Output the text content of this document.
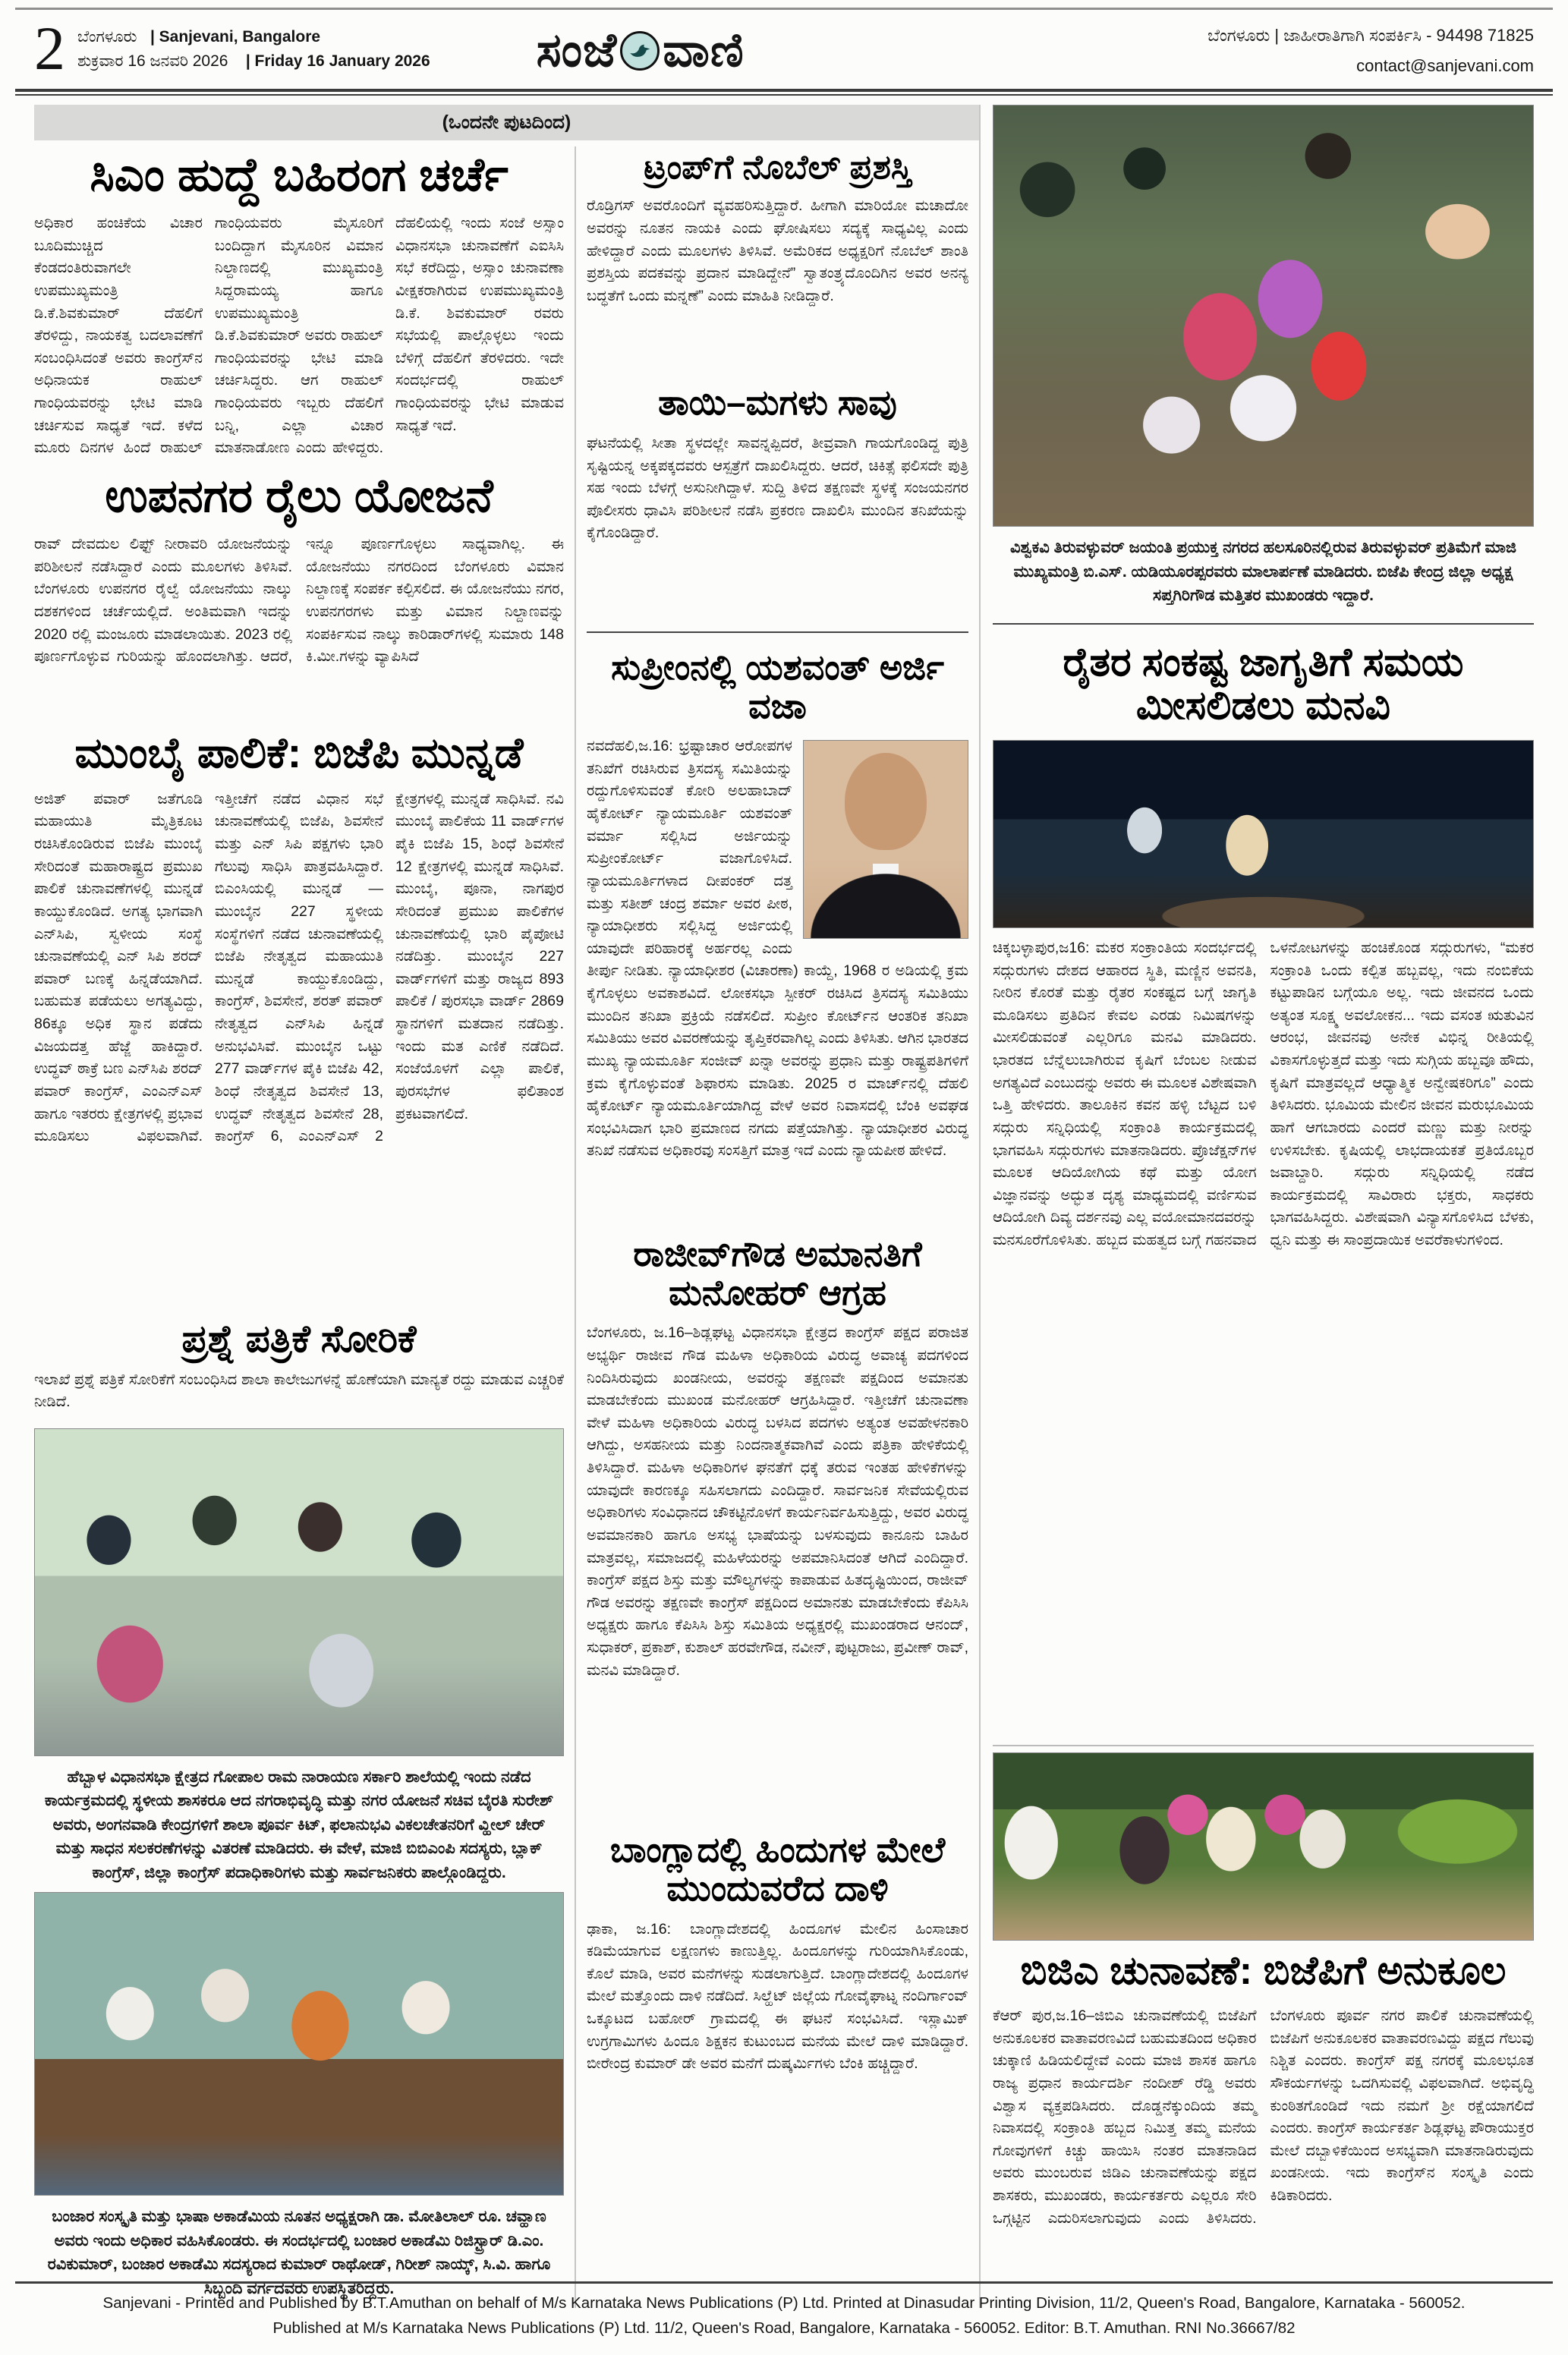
2 ಬೆಂಗಳೂರು | Sanjevani, Bangalore
ಶುಕ್ರವಾರ 16 ಜನವರಿ 2026 | Friday 16 January 2026 ಸಂಜೆ ವಾಣಿ	ಬೆಂಗಳೂರು | ಜಾಹೀರಾತಿಗಾಗಿ ಸಂಪರ್ಕಿಸಿ - 94498 71825
contact@sanjevani.com
(ಒಂದನೇ ಪುಟದಿಂದ)
ಸಿಎಂ ಹುದ್ದೆ ಬಹಿರಂಗ ಚರ್ಚೆ
ಅಧಿಕಾರ ಹಂಚಿಕೆಯ ವಿಚಾರ ಬೂದಿಮುಚ್ಚಿದ ಕೆಂಡದಂತಿರುವಾಗಲೇ ಉಪಮುಖ್ಯಮಂತ್ರಿ ಡಿ.ಕೆ.ಶಿವಕುಮಾರ್ ದೆಹಲಿಗೆ ತೆರಳಿದ್ದು, ನಾಯಕತ್ವ ಬದಲಾವಣೆಗೆ ಸಂಬಂಧಿಸಿದಂತೆ ಅವರು ಕಾಂಗ್ರೆಸ್‌ನ ಅಧಿನಾಯಕ ರಾಹುಲ್ ಗಾಂಧಿಯವರನ್ನು ಭೇಟಿ ಮಾಡಿ ಚರ್ಚಿಸುವ ಸಾಧ್ಯತೆ ಇದೆ. ಕಳೆದ ಮೂರು ದಿನಗಳ ಹಿಂದೆ ರಾಹುಲ್ ಗಾಂಧಿಯವರು ಮೈಸೂರಿಗೆ ಬಂದಿದ್ದಾಗ ಮೈಸೂರಿನ ವಿಮಾನ ನಿಲ್ದಾಣದಲ್ಲಿ ಮುಖ್ಯಮಂತ್ರಿ ಸಿದ್ದರಾಮಯ್ಯ ಹಾಗೂ ಉಪಮುಖ್ಯಮಂತ್ರಿ ಡಿ.ಕೆ.ಶಿವಕುಮಾರ್ ಅವರು ರಾಹುಲ್ ಗಾಂಧಿಯವರನ್ನು ಭೇಟಿ ಮಾಡಿ ಚರ್ಚಿಸಿದ್ದರು. ಆಗ ರಾಹುಲ್ ಗಾಂಧಿಯವರು ಇಬ್ಬರು ದೆಹಲಿಗೆ ಬನ್ನಿ, ಎಲ್ಲಾ ವಿಚಾರ ಮಾತನಾಡೋಣ ಎಂದು ಹೇಳಿದ್ದರು. ದೆಹಲಿಯಲ್ಲಿ ಇಂದು ಸಂಜೆ ಅಸ್ಸಾಂ ವಿಧಾನಸಭಾ ಚುನಾವಣೆಗೆ ಎಐಸಿಸಿ ಸಭೆ ಕರೆದಿದ್ದು, ಅಸ್ಸಾಂ ಚುನಾವಣಾ ವೀಕ್ಷಕರಾಗಿರುವ ಉಪಮುಖ್ಯಮಂತ್ರಿ ಡಿ.ಕೆ. ಶಿವಕುಮಾರ್ ರವರು ಸಭೆಯಲ್ಲಿ ಪಾಲ್ಗೊಳ್ಳಲು ಇಂದು ಬೆಳಿಗ್ಗೆ ದೆಹಲಿಗೆ ತೆರಳಿದರು. ಇದೇ ಸಂದರ್ಭದಲ್ಲಿ ರಾಹುಲ್ ಗಾಂಧಿಯವರನ್ನು ಭೇಟಿ ಮಾಡುವ ಸಾಧ್ಯತೆ ಇದೆ.
ಉಪನಗರ ರೈಲು ಯೋಜನೆ
ರಾವ್ ದೇವದುಲ ಲಿಫ್ಟ್ ನೀರಾವರಿ ಯೋಜನೆಯನ್ನು ಪರಿಶೀಲನೆ ನಡೆಸಿದ್ದಾರೆ ಎಂದು ಮೂಲಗಳು ತಿಳಿಸಿವೆ. ಬೆಂಗಳೂರು ಉಪನಗರ ರೈಲ್ವೆ ಯೋಜನೆಯು ನಾಲ್ಕು ದಶಕಗಳಿಂದ ಚರ್ಚೆಯಲ್ಲಿದೆ. ಅಂತಿಮವಾಗಿ ಇದನ್ನು 2020 ರಲ್ಲಿ ಮಂಜೂರು ಮಾಡಲಾಯಿತು. 2023 ರಲ್ಲಿ ಪೂರ್ಣಗೊಳ್ಳುವ ಗುರಿಯನ್ನು ಹೊಂದಲಾಗಿತ್ತು. ಆದರೆ, ಇನ್ನೂ ಪೂರ್ಣಗೊಳ್ಳಲು ಸಾಧ್ಯವಾಗಿಲ್ಲ. ಈ ಯೋಜನೆಯು ನಗರದಿಂದ ಬೆಂಗಳೂರು ವಿಮಾನ ನಿಲ್ದಾಣಕ್ಕೆ ಸಂಪರ್ಕ ಕಲ್ಪಿಸಲಿದೆ. ಈ ಯೋಜನೆಯು ನಗರ, ಉಪನಗರಗಳು ಮತ್ತು ವಿಮಾನ ನಿಲ್ದಾಣವನ್ನು ಸಂಪರ್ಕಿಸುವ ನಾಲ್ಕು ಕಾರಿಡಾರ್‌ಗಳಲ್ಲಿ ಸುಮಾರು 148 ಕಿ.ಮೀ.ಗಳನ್ನು ವ್ಯಾಪಿಸಿದೆ
ಮುಂಬೈ ಪಾಲಿಕೆ: ಬಿಜೆಪಿ ಮುನ್ನಡೆ
ಅಜಿತ್ ಪವಾರ್ ಜತೆಗೂಡಿ ಮಹಾಯುತಿ ಮೈತ್ರಿಕೂಟ ರಚಿಸಿಕೊಂಡಿರುವ ಬಿಜೆಪಿ ಮುಂಬೈ ಸೇರಿದಂತೆ ಮಹಾರಾಷ್ಟ್ರದ ಪ್ರಮುಖ ಪಾಲಿಕೆ ಚುನಾವಣೆಗಳಲ್ಲಿ ಮುನ್ನಡೆ ಕಾಯ್ದುಕೊಂಡಿದೆ. ಅಗತ್ಯ ಭಾಗವಾಗಿ ಎನ್‌ಸಿಪಿ, ಸ್ವಳೀಯ ಸಂಸ್ಥೆ ಚುನಾವಣೆಯಲ್ಲಿ ಎನ್ ಸಿಪಿ ಶರದ್ ಪವಾರ್ ಬಣಕ್ಕೆ ಹಿನ್ನಡೆಯಾಗಿದೆ. ಬಹುಮತ ಪಡೆಯಲು ಅಗತ್ಯವಿದ್ದು, 86ಕ್ಕೂ ಅಧಿಕ ಸ್ಥಾನ ಪಡೆದು ವಿಜಯದತ್ತ ಹೆಜ್ಜೆ ಹಾಕಿದ್ದಾರೆ. ಉದ್ಧವ್ ಠಾಕ್ರೆ ಬಣ ಎನ್‌ಸಿಪಿ ಶರದ್ ಪವಾರ್ ಕಾಂಗ್ರೆಸ್, ಎಂಎನ್‌ಎಸ್ ಹಾಗೂ ಇತರರು ಕ್ಷೇತ್ರಗಳಲ್ಲಿ ಪ್ರಭಾವ ಮೂಡಿಸಲು ವಿಫಲವಾಗಿವೆ. ಇತ್ತೀಚೆಗೆ ನಡೆದ ವಿಧಾನ ಸಭೆ ಚುನಾವಣೆಯಲ್ಲಿ ಬಿಜೆಪಿ, ಶಿವಸೇನೆ ಮತ್ತು ಎನ್ ಸಿಪಿ ಪಕ್ಷಗಳು ಭಾರಿ ಗೆಲುವು ಸಾಧಿಸಿ ಪಾತ್ರವಹಿಸಿದ್ದಾರೆ. ಬಿಎಂಸಿಯಲ್ಲಿ ಮುನ್ನಡೆ — ಮುಂಬೈನ 227 ಸ್ಥಳೀಯ ಸಂಸ್ಥೆಗಳಿಗೆ ನಡೆದ ಚುನಾವಣೆಯಲ್ಲಿ ಬಿಜೆಪಿ ನೇತೃತ್ವದ ಮಹಾಯುತಿ ಮುನ್ನಡೆ ಕಾಯ್ದುಕೊಂಡಿದ್ದು, ಕಾಂಗ್ರೆಸ್, ಶಿವಸೇನೆ, ಶರತ್ ಪವಾರ್ ನೇತೃತ್ವದ ಎನ್‌ಸಿಪಿ ಹಿನ್ನಡೆ ಅನುಭವಿಸಿವೆ. ಮುಂಬೈನ ಒಟ್ಟು 277 ವಾರ್ಡ್‌ಗಳ ಪೈಕಿ ಬಿಜೆಪಿ 42, ಶಿಂಧೆ ನೇತೃತ್ವದ ಶಿವಸೇನೆ 13, ಉದ್ಧವ್ ನೇತೃತ್ವದ ಶಿವಸೇನೆ 28, ಕಾಂಗ್ರೆಸ್ 6, ಎಂಎನ್‌ಎಸ್ 2 ಕ್ಷೇತ್ರಗಳಲ್ಲಿ ಮುನ್ನಡೆ ಸಾಧಿಸಿವೆ. ನವಿ ಮುಂಬೈ ಪಾಲಿಕೆಯ 11 ವಾರ್ಡ್‌ಗಳ ಪೈಕಿ ಬಿಜೆಪಿ 15, ಶಿಂಧೆ ಶಿವಸೇನೆ 12 ಕ್ಷೇತ್ರಗಳಲ್ಲಿ ಮುನ್ನಡೆ ಸಾಧಿಸಿವೆ. ಮುಂಬೈ, ಪೂನಾ, ನಾಗಪುರ ಸೇರಿದಂತೆ ಪ್ರಮುಖ ಪಾಲಿಕೆಗಳ ಚುನಾವಣೆಯಲ್ಲಿ ಭಾರಿ ಪೈಪೋಟಿ ನಡೆದಿತ್ತು. ಮುಂಬೈನ 227 ವಾರ್ಡ್‌ಗಳಿಗೆ ಮತ್ತು ರಾಜ್ಯದ 893 ಪಾಲಿಕೆ / ಪುರಸಭಾ ವಾರ್ಡ್ 2869 ಸ್ಥಾನಗಳಿಗೆ ಮತದಾನ ನಡೆದಿತ್ತು. ಇಂದು ಮತ ಎಣಿಕೆ ನಡೆದಿದೆ. ಸಂಜೆಯೊಳಗೆ ಎಲ್ಲಾ ಪಾಲಿಕೆ, ಪುರಸಭೆಗಳ ಫಲಿತಾಂಶ ಪ್ರಕಟವಾಗಲಿದೆ.
ಪ್ರಶ್ನೆ ಪತ್ರಿಕೆ ಸೋರಿಕೆ
ಇಲಾಖೆ ಪ್ರಶ್ನೆ ಪತ್ರಿಕೆ ಸೋರಿಕೆಗೆ ಸಂಬಂಧಿಸಿದ ಶಾಲಾ ಕಾಲೇಜುಗಳನ್ನೆ ಹೊಣೆಯಾಗಿ ಮಾನ್ಯತೆ ರದ್ದು ಮಾಡುವ ಎಚ್ಚರಿಕೆ ನೀಡಿದೆ.
ಹೆಬ್ಬಾಳ ವಿಧಾನಸಭಾ ಕ್ಷೇತ್ರದ ಗೋಪಾಲ ರಾಮ ನಾರಾಯಣ ಸರ್ಕಾರಿ ಶಾಲೆಯಲ್ಲಿ ಇಂದು ನಡೆದ ಕಾರ್ಯಕ್ರಮದಲ್ಲಿ ಸ್ಥಳೀಯ ಶಾಸಕರೂ ಆದ ನಗರಾಭಿವೃದ್ಧಿ ಮತ್ತು ನಗರ ಯೋಜನೆ ಸಚಿವ ಬೈರತಿ ಸುರೇಶ್ ಅವರು, ಅಂಗನವಾಡಿ ಕೇಂದ್ರಗಳಿಗೆ ಶಾಲಾ ಪೂರ್ವ ಕಿಟ್, ಫಲಾನುಭವಿ ವಿಕಲಚೇತನರಿಗೆ ವ್ಹೀಲ್ ಚೇರ್ ಮತ್ತು ಸಾಧನ ಸಲಕರಣೆಗಳನ್ನು ವಿತರಣೆ ಮಾಡಿದರು. ಈ ವೇಳೆ, ಮಾಜಿ ಬಿಬಿಎಂಪಿ ಸದಸ್ಯರು, ಬ್ಲಾಕ್ ಕಾಂಗ್ರೆಸ್, ಜಿಲ್ಲಾ ಕಾಂಗ್ರೆಸ್ ಪದಾಧಿಕಾರಿಗಳು ಮತ್ತು ಸಾರ್ವಜನಿಕರು ಪಾಲ್ಗೊಂಡಿದ್ದರು.
ಬಂಜಾರ ಸಂಸ್ಕೃತಿ ಮತ್ತು ಭಾಷಾ ಅಕಾಡೆಮಿಯ ನೂತನ ಅಧ್ಯಕ್ಷರಾಗಿ ಡಾ. ಮೋತಿಲಾಲ್ ರೂ. ಚವ್ಹಾಣ ಅವರು ಇಂದು ಅಧಿಕಾರ ವಹಿಸಿಕೊಂಡರು. ಈ ಸಂದರ್ಭದಲ್ಲಿ ಬಂಜಾರ ಅಕಾಡೆಮಿ ರಿಜಿಸ್ಟ್ರಾರ್ ಡಿ.ಎಂ. ರವಿಕುಮಾರ್, ಬಂಜಾರ ಅಕಾಡೆಮಿ ಸದಸ್ಯರಾದ ಕುಮಾರ್ ರಾಥೋಡ್, ಗಿರೀಶ್ ನಾಯ್ಕ್, ಸಿ.ವಿ. ಹಾಗೂ ಸಿಬ್ಬಂದಿ ವರ್ಗದವರು ಉಪಸ್ಥಿತರಿದ್ದರು.
ಟ್ರಂಪ್‌ಗೆ ನೊಬೆಲ್ ಪ್ರಶಸ್ತಿ
ರೊಡ್ರಿಗಸ್ ಅವರೊಂದಿಗೆ ವ್ಯವಹರಿಸುತ್ತಿದ್ದಾರೆ. ಹೀಗಾಗಿ ಮಾರಿಯೋ ಮಚಾದೋ ಅವರನ್ನು ನೂತನ ನಾಯಕಿ ಎಂದು ಘೋಷಿಸಲು ಸದ್ಯಕ್ಕೆ ಸಾಧ್ಯವಿಲ್ಲ ಎಂದು ಹೇಳಿದ್ದಾರೆ ಎಂದು ಮೂಲಗಳು ತಿಳಿಸಿವೆ. ಅಮೆರಿಕದ ಅಧ್ಯಕ್ಷರಿಗೆ ನೊಬೆಲ್ ಶಾಂತಿ ಪ್ರಶಸ್ತಿಯ ಪದಕವನ್ನು ಪ್ರದಾನ ಮಾಡಿದ್ದೇನೆ” ಸ್ವಾತಂತ್ರ್ಯದೊಂದಿಗಿನ ಅವರ ಅನನ್ಯ ಬದ್ಧತೆಗೆ ಒಂದು ಮನ್ನಣೆ” ಎಂದು ಮಾಹಿತಿ ನೀಡಿದ್ದಾರೆ.
ತಾಯಿ–ಮಗಳು ಸಾವು
ಘಟನೆಯಲ್ಲಿ ಸೀತಾ ಸ್ಥಳದಲ್ಲೇ ಸಾವನ್ನಪ್ಪಿದರೆ, ತೀವ್ರವಾಗಿ ಗಾಯಗೊಂಡಿದ್ದ ಪುತ್ರಿ ಸೃಷ್ಟಿಯನ್ನ ಅಕ್ಕಪಕ್ಕದವರು ಆಸ್ಪತ್ರೆಗೆ ದಾಖಲಿಸಿದ್ದರು. ಆದರೆ, ಚಿಕಿತ್ಸೆ ಫಲಿಸದೇ ಪುತ್ರಿ ಸಹ ಇಂದು ಬೆಳಗ್ಗೆ ಅಸುನೀಗಿದ್ದಾಳೆ. ಸುದ್ದಿ ತಿಳಿದ ತಕ್ಷಣವೇ ಸ್ಥಳಕ್ಕೆ ಸಂಜಯನಗರ ಪೊಲೀಸರು ಧಾವಿಸಿ ಪರಿಶೀಲನೆ ನಡೆಸಿ ಪ್ರಕರಣ ದಾಖಲಿಸಿ ಮುಂದಿನ ತನಿಖೆಯನ್ನು ಕೈಗೊಂಡಿದ್ದಾರೆ.
ಸುಪ್ರೀಂನಲ್ಲಿ ಯಶವಂತ್ ಅರ್ಜಿ ವಜಾ
ನವದೆಹಲಿ,ಜ.16: ಭ್ರಷ್ಟಾಚಾರ ಆರೋಪಗಳ ತನಿಖೆಗೆ ರಚಿಸಿರುವ ತ್ರಿಸದಸ್ಯ ಸಮಿತಿಯನ್ನು ರದ್ದುಗೊಳಿಸುವಂತೆ ಕೋರಿ ಅಲಹಾಬಾದ್ ಹೈಕೋರ್ಟ್ ನ್ಯಾಯಮೂರ್ತಿ ಯಶವಂತ್ ವರ್ಮಾ ಸಲ್ಲಿಸಿದ ಅರ್ಜಿಯನ್ನು ಸುಪ್ರೀಂಕೋರ್ಟ್ ವಜಾಗೊಳಿಸಿದೆ. ನ್ಯಾಯಮೂರ್ತಿಗಳಾದ ದೀಪಂಕರ್ ದತ್ತ ಮತ್ತು ಸತೀಶ್ ಚಂದ್ರ ಶರ್ಮಾ ಅವರ ಪೀಠ, ನ್ಯಾಯಾಧೀಶರು ಸಲ್ಲಿಸಿದ್ದ ಅರ್ಜಿಯಲ್ಲಿ ಯಾವುದೇ ಪರಿಹಾರಕ್ಕೆ ಅರ್ಹರಲ್ಲ ಎಂದು ತೀರ್ಪು ನೀಡಿತು. ನ್ಯಾಯಾಧೀಶರ (ವಿಚಾರಣಾ) ಕಾಯ್ದೆ, 1968 ರ ಅಡಿಯಲ್ಲಿ ಕ್ರಮ ಕೈಗೊಳ್ಳಲು ಅವಕಾಶವಿದೆ. ಲೋಕಸಭಾ ಸ್ಪೀಕರ್ ರಚಿಸಿದ ತ್ರಿಸದಸ್ಯ ಸಮಿತಿಯು ಮುಂದಿನ ತನಿಖಾ ಪ್ರಕ್ರಿಯೆ ನಡೆಸಲಿದೆ. ಸುಪ್ರೀಂ ಕೋರ್ಟ್‌ನ ಆಂತರಿಕ ತನಿಖಾ ಸಮಿತಿಯು ಅವರ ವಿವರಣೆಯನ್ನು ತೃಪ್ತಿಕರವಾಗಿಲ್ಲ ಎಂದು ತಿಳಿಸಿತು. ಆಗಿನ ಭಾರತದ ಮುಖ್ಯ ನ್ಯಾಯಮೂರ್ತಿ ಸಂಜೀವ್ ಖನ್ನಾ ಅವರನ್ನು ಪ್ರಧಾನಿ ಮತ್ತು ರಾಷ್ಟ್ರಪತಿಗಳಿಗೆ ಕ್ರಮ ಕೈಗೊಳ್ಳುವಂತೆ ಶಿಫಾರಸು ಮಾಡಿತು. 2025 ರ ಮಾರ್ಚ್‌ನಲ್ಲಿ ದೆಹಲಿ ಹೈಕೋರ್ಟ್ ನ್ಯಾಯಮೂರ್ತಿಯಾಗಿದ್ದ ವೇಳೆ ಅವರ ನಿವಾಸದಲ್ಲಿ ಬೆಂಕಿ ಅವಘಡ ಸಂಭವಿಸಿದಾಗ ಭಾರಿ ಪ್ರಮಾಣದ ನಗದು ಪತ್ತೆಯಾಗಿತ್ತು. ನ್ಯಾಯಾಧೀಶರ ವಿರುದ್ಧ ತನಿಖೆ ನಡೆಸುವ ಅಧಿಕಾರವು ಸಂಸತ್ತಿಗೆ ಮಾತ್ರ ಇದೆ ಎಂದು ನ್ಯಾಯಪೀಠ ಹೇಳಿದೆ.
ರಾಜೀವ್‌ಗೌಡ ಅಮಾನತಿಗೆ ಮನೋಹರ್ ಆಗ್ರಹ
ಬೆಂಗಳೂರು, ಜ.16–ಶಿಡ್ಲಘಟ್ಟ ವಿಧಾನಸಭಾ ಕ್ಷೇತ್ರದ ಕಾಂಗ್ರೆಸ್ ಪಕ್ಷದ ಪರಾಜಿತ ಅಭ್ಯರ್ಥಿ ರಾಜೀವ ಗೌಡ ಮಹಿಳಾ ಅಧಿಕಾರಿಯ ವಿರುದ್ಧ ಅವಾಚ್ಯ ಪದಗಳಿಂದ ನಿಂದಿಸಿರುವುದು ಖಂಡನೀಯ, ಅವರನ್ನು ತಕ್ಷಣವೇ ಪಕ್ಷದಿಂದ ಅಮಾನತು ಮಾಡಬೇಕೆಂದು ಮುಖಂಡ ಮನೋಹರ್ ಆಗ್ರಹಿಸಿದ್ದಾರೆ. ಇತ್ತೀಚೆಗೆ ಚುನಾವಣಾ ವೇಳೆ ಮಹಿಳಾ ಅಧಿಕಾರಿಯ ವಿರುದ್ಧ ಬಳಸಿದ ಪದಗಳು ಅತ್ಯಂತ ಅವಹೇಳನಕಾರಿ ಆಗಿದ್ದು, ಅಸಹನೀಯ ಮತ್ತು ನಿಂದನಾತ್ಮಕವಾಗಿವೆ ಎಂದು ಪತ್ರಿಕಾ ಹೇಳಿಕೆಯಲ್ಲಿ ತಿಳಿಸಿದ್ದಾರೆ. ಮಹಿಳಾ ಅಧಿಕಾರಿಗಳ ಘನತೆಗೆ ಧಕ್ಕೆ ತರುವ ಇಂತಹ ಹೇಳಿಕೆಗಳನ್ನು ಯಾವುದೇ ಕಾರಣಕ್ಕೂ ಸಹಿಸಲಾಗದು ಎಂದಿದ್ದಾರೆ. ಸಾರ್ವಜನಿಕ ಸೇವೆಯಲ್ಲಿರುವ ಅಧಿಕಾರಿಗಳು ಸಂವಿಧಾನದ ಚೌಕಟ್ಟಿನೊಳಗೆ ಕಾರ್ಯನಿರ್ವಹಿಸುತ್ತಿದ್ದು, ಅವರ ವಿರುದ್ಧ ಅವಮಾನಕಾರಿ ಹಾಗೂ ಅಸಭ್ಯ ಭಾಷೆಯನ್ನು ಬಳಸುವುದು ಕಾನೂನು ಬಾಹಿರ ಮಾತ್ರವಲ್ಲ, ಸಮಾಜದಲ್ಲಿ ಮಹಿಳೆಯರನ್ನು ಅಪಮಾನಿಸಿದಂತೆ ಆಗಿದೆ ಎಂದಿದ್ದಾರೆ. ಕಾಂಗ್ರೆಸ್ ಪಕ್ಷದ ಶಿಸ್ತು ಮತ್ತು ಮೌಲ್ಯಗಳನ್ನು ಕಾಪಾಡುವ ಹಿತದೃಷ್ಟಿಯಿಂದ, ರಾಜೀವ್ ಗೌಡ ಅವರನ್ನು ತಕ್ಷಣವೇ ಕಾಂಗ್ರೆಸ್ ಪಕ್ಷದಿಂದ ಅಮಾನತು ಮಾಡಬೇಕೆಂದು ಕೆಪಿಸಿಸಿ ಅಧ್ಯಕ್ಷರು ಹಾಗೂ ಕೆಪಿಸಿಸಿ ಶಿಸ್ತು ಸಮಿತಿಯ ಅಧ್ಯಕ್ಷರಲ್ಲಿ ಮುಖಂಡರಾದ ಆನಂದ್, ಸುಧಾಕರ್, ಪ್ರಕಾಶ್, ಕುಶಾಲ್ ಹರವೇಗೌಡ, ನವೀನ್, ಪುಟ್ಟರಾಜು, ಪ್ರವೀಣ್ ರಾವ್, ಮನವಿ ಮಾಡಿದ್ದಾರೆ.
ಬಾಂಗ್ಲಾದಲ್ಲಿ ಹಿಂದುಗಳ ಮೇಲೆ ಮುಂದುವರೆದ ದಾಳಿ
ಢಾಕಾ, ಜ.16: ಬಾಂಗ್ಲಾದೇಶದಲ್ಲಿ ಹಿಂದೂಗಳ ಮೇಲಿನ ಹಿಂಸಾಚಾರ ಕಡಿಮೆಯಾಗುವ ಲಕ್ಷಣಗಳು ಕಾಣುತ್ತಿಲ್ಲ. ಹಿಂದೂಗಳನ್ನು ಗುರಿಯಾಗಿಸಿಕೊಂಡು, ಕೊಲೆ ಮಾಡಿ, ಅವರ ಮನೆಗಳನ್ನು ಸುಡಲಾಗುತ್ತಿದೆ. ಬಾಂಗ್ಲಾದೇಶದಲ್ಲಿ ಹಿಂದೂಗಳ ಮೇಲೆ ಮತ್ತೊಂದು ದಾಳಿ ನಡೆದಿದೆ. ಸಿಲ್ಹೆಟ್ ಜಿಲ್ಲೆಯ ಗೋವೈಘಾಟ್ನ ನಂದಿರ್ಗಾಂವ್ ಒಕ್ಕೂಟದ ಬಹೋರ್ ಗ್ರಾಮದಲ್ಲಿ ಈ ಘಟನೆ ಸಂಭವಿಸಿದೆ. ಇಸ್ಲಾಮಿಕ್ ಉಗ್ರಗಾಮಿಗಳು ಹಿಂದೂ ಶಿಕ್ಷಕನ ಕುಟುಂಬದ ಮನೆಯ ಮೇಲೆ ದಾಳಿ ಮಾಡಿದ್ದಾರೆ. ಬೀರೇಂದ್ರ ಕುಮಾರ್ ಡೇ ಅವರ ಮನೆಗೆ ದುಷ್ಕರ್ಮಿಗಳು ಬೆಂಕಿ ಹಚ್ಚಿದ್ದಾರೆ.
ವಿಶ್ವಕವಿ ತಿರುವಳ್ಳುವರ್ ಜಯಂತಿ ಪ್ರಯುಕ್ತ ನಗರದ ಹಲಸೂರಿನಲ್ಲಿರುವ ತಿರುವಳ್ಳುವರ್ ಪ್ರತಿಮೆಗೆ ಮಾಜಿ ಮುಖ್ಯಮಂತ್ರಿ ಬಿ.ಎಸ್. ಯಡಿಯೂರಪ್ಪರವರು ಮಾಲಾರ್ಪಣೆ ಮಾಡಿದರು. ಬಿಜೆಪಿ ಕೇಂದ್ರ ಜಿಲ್ಲಾ ಅಧ್ಯಕ್ಷ ಸಪ್ತಗಿರಿಗೌಡ ಮತ್ತಿತರ ಮುಖಂಡರು ಇದ್ದಾರೆ.
ರೈತರ ಸಂಕಷ್ಟ ಜಾಗೃತಿಗೆ ಸಮಯ ಮೀಸಲಿಡಲು ಮನವಿ
ಚಿಕ್ಕಬಳ್ಳಾಪುರ,ಜ16: ಮಕರ ಸಂಕ್ರಾಂತಿಯ ಸಂದರ್ಭದಲ್ಲಿ ಸದ್ಗುರುಗಳು ದೇಶದ ಆಹಾರದ ಸ್ಥಿತಿ, ಮಣ್ಣಿನ ಅವನತಿ, ನೀರಿನ ಕೊರತೆ ಮತ್ತು ರೈತರ ಸಂಕಷ್ಟದ ಬಗ್ಗೆ ಜಾಗೃತಿ ಮೂಡಿಸಲು ಪ್ರತಿದಿನ ಕೇವಲ ಎರಡು ನಿಮಿಷಗಳನ್ನು ಮೀಸಲಿಡುವಂತೆ ಎಲ್ಲರಿಗೂ ಮನವಿ ಮಾಡಿದರು. ಭಾರತದ ಬೆನ್ನೆಲುಬಾಗಿರುವ ಕೃಷಿಗೆ ಬೆಂಬಲ ನೀಡುವ ಅಗತ್ಯವಿದೆ ಎಂಬುದನ್ನು ಅವರು ಈ ಮೂಲಕ ವಿಶೇಷವಾಗಿ ಒತ್ತಿ ಹೇಳಿದರು. ತಾಲೂಕಿನ ಕವನ ಹಳ್ಳಿ ಬೆಟ್ಟದ ಬಳಿ ಸದ್ಗುರು ಸನ್ನಿಧಿಯಲ್ಲಿ ಸಂಕ್ರಾಂತಿ ಕಾರ್ಯಕ್ರಮದಲ್ಲಿ ಭಾಗವಹಿಸಿ ಸದ್ಗುರುಗಳು ಮಾತನಾಡಿದರು. ಪ್ರೊಜೆಕ್ಷನ್‌ಗಳ ಮೂಲಕ ಆದಿಯೋಗಿಯ ಕಥೆ ಮತ್ತು ಯೋಗ ವಿಜ್ಞಾನವನ್ನು ಅದ್ಭುತ ದೃಶ್ಯ ಮಾಧ್ಯಮದಲ್ಲಿ ವರ್ಣಿಸುವ ಆದಿಯೋಗಿ ದಿವ್ಯ ದರ್ಶನವು ಎಲ್ಲ ವಯೋಮಾನದವರನ್ನು ಮನಸೂರೆಗೊಳಿಸಿತು. ಹಬ್ಬದ ಮಹತ್ವದ ಬಗ್ಗೆ ಗಹನವಾದ ಒಳನೋಟಗಳನ್ನು ಹಂಚಿಕೊಂಡ ಸದ್ಗುರುಗಳು, “ಮಕರ ಸಂಕ್ರಾಂತಿ ಒಂದು ಕಲ್ಪಿತ ಹಬ್ಬವಲ್ಲ, ಇದು ನಂಬಿಕೆಯ ಕಟ್ಟುಪಾಡಿನ ಬಗ್ಗೆಯೂ ಅಲ್ಲ. ಇದು ಜೀವನದ ಒಂದು ಅತ್ಯಂತ ಸೂಕ್ಷ್ಮ ಅವಲೋಕನ... ಇದು ವಸಂತ ಋತುವಿನ ಆರಂಭ, ಜೀವನವು ಅನೇಕ ವಿಭಿನ್ನ ರೀತಿಯಲ್ಲಿ ವಿಕಾಸಗೊಳ್ಳುತ್ತದೆ ಮತ್ತು ಇದು ಸುಗ್ಗಿಯ ಹಬ್ಬವೂ ಹೌದು, ಕೃಷಿಗೆ ಮಾತ್ರವಲ್ಲದೆ ಆಧ್ಯಾತ್ಮಿಕ ಅನ್ವೇಷಕರಿಗೂ” ಎಂದು ತಿಳಿಸಿದರು. ಭೂಮಿಯ ಮೇಲಿನ ಜೀವನ ಮರುಭೂಮಿಯ ಹಾಗೆ ಆಗಬಾರದು ಎಂದರೆ ಮಣ್ಣು ಮತ್ತು ನೀರನ್ನು ಉಳಿಸಬೇಕು. ಕೃಷಿಯಲ್ಲಿ ಲಾಭದಾಯಕತೆ ಪ್ರತಿಯೊಬ್ಬರ ಜವಾಬ್ದಾರಿ. ಸದ್ಗುರು ಸನ್ನಿಧಿಯಲ್ಲಿ ನಡೆದ ಕಾರ್ಯಕ್ರಮದಲ್ಲಿ ಸಾವಿರಾರು ಭಕ್ತರು, ಸಾಧಕರು ಭಾಗವಹಿಸಿದ್ದರು. ವಿಶೇಷವಾಗಿ ವಿನ್ಯಾಸಗೊಳಿಸಿದ ಬೆಳಕು, ಧ್ವನಿ ಮತ್ತು ಈ ಸಾಂಪ್ರದಾಯಿಕ ಅವರೆಕಾಳುಗಳಿಂದ.
ಬಿಜಿಎ ಚುನಾವಣೆ: ಬಿಜೆಪಿಗೆ ಅನುಕೂಲ
ಕೆಆರ್ ಪುರ,ಜ.16–ಜಿಬಿಎ ಚುನಾವಣೆಯಲ್ಲಿ ಬಿಜೆಪಿಗೆ ಅನುಕೂಲಕರ ವಾತಾವರಣವಿದೆ ಬಹುಮತದಿಂದ ಅಧಿಕಾರ ಚುಕ್ಕಾಣಿ ಹಿಡಿಯಲಿದ್ದೇವೆ ಎಂದು ಮಾಜಿ ಶಾಸಕ ಹಾಗೂ ರಾಜ್ಯ ಪ್ರಧಾನ ಕಾರ್ಯದರ್ಶಿ ನಂದೀಶ್ ರೆಡ್ಡಿ ಅವರು ವಿಶ್ವಾಸ ವ್ಯಕ್ತಪಡಿಸಿದರು. ದೊಡ್ಡನೆಕ್ಕುಂದಿಯ ತಮ್ಮ ನಿವಾಸದಲ್ಲಿ ಸಂಕ್ರಾಂತಿ ಹಬ್ಬದ ನಿಮಿತ್ತ ತಮ್ಮ ಮನೆಯ ಗೋವುಗಳಿಗೆ ಕಿಚ್ಚು ಹಾಯಿಸಿ ನಂತರ ಮಾತನಾಡಿದ ಅವರು ಮುಂಬರುವ ಜಿಡಿಎ ಚುನಾವಣೆಯನ್ನು ಪಕ್ಷದ ಶಾಸಕರು, ಮುಖಂಡರು, ಕಾರ್ಯಕರ್ತರು ಎಲ್ಲರೂ ಸೇರಿ ಒಗ್ಗಟ್ಟಿನ ಎದುರಿಸಲಾಗುವುದು ಎಂದು ತಿಳಿಸಿದರು. ಬೆಂಗಳೂರು ಪೂರ್ವ ನಗರ ಪಾಲಿಕೆ ಚುನಾವಣೆಯಲ್ಲಿ ಬಿಜೆಪಿಗೆ ಅನುಕೂಲಕರ ವಾತಾವರಣವಿದ್ದು ಪಕ್ಷದ ಗೆಲುವು ನಿಶ್ಚಿತ ಎಂದರು. ಕಾಂಗ್ರೆಸ್ ಪಕ್ಷ ನಗರಕ್ಕೆ ಮೂಲಭೂತ ಸೌಕರ್ಯಗಳನ್ನು ಒದಗಿಸುವಲ್ಲಿ ವಿಫಲವಾಗಿದೆ. ಅಭಿವೃದ್ಧಿ ಕುಂಠಿತಗೊಂಡಿದೆ ಇದು ನಮಗೆ ಶ್ರೀ ರಕ್ಷೆಯಾಗಲಿದೆ ಎಂದರು. ಕಾಂಗ್ರೆಸ್ ಕಾರ್ಯಕರ್ತ ಶಿಡ್ಲಘಟ್ಟ ಪೌರಾಯುಕ್ತರ ಮೇಲೆ ದಬ್ಬಾಳಿಕೆಯಿಂದ ಅಸಭ್ಯವಾಗಿ ಮಾತನಾಡಿರುವುದು ಖಂಡನೀಯ. ಇದು ಕಾಂಗ್ರೆಸ್‌ನ ಸಂಸ್ಕೃತಿ ಎಂದು ಕಿಡಿಕಾರಿದರು.
Sanjevani - Printed and Published by B.T.Amuthan on behalf of M/s Karnataka News Publications (P) Ltd. Printed at Dinasudar Printing Division, 11/2, Queen's Road, Bangalore, Karnataka - 560052.
Published at M/s Karnataka News Publications (P) Ltd. 11/2, Queen's Road, Bangalore, Karnataka - 560052. Editor: B.T. Amuthan. RNI No.36667/82
